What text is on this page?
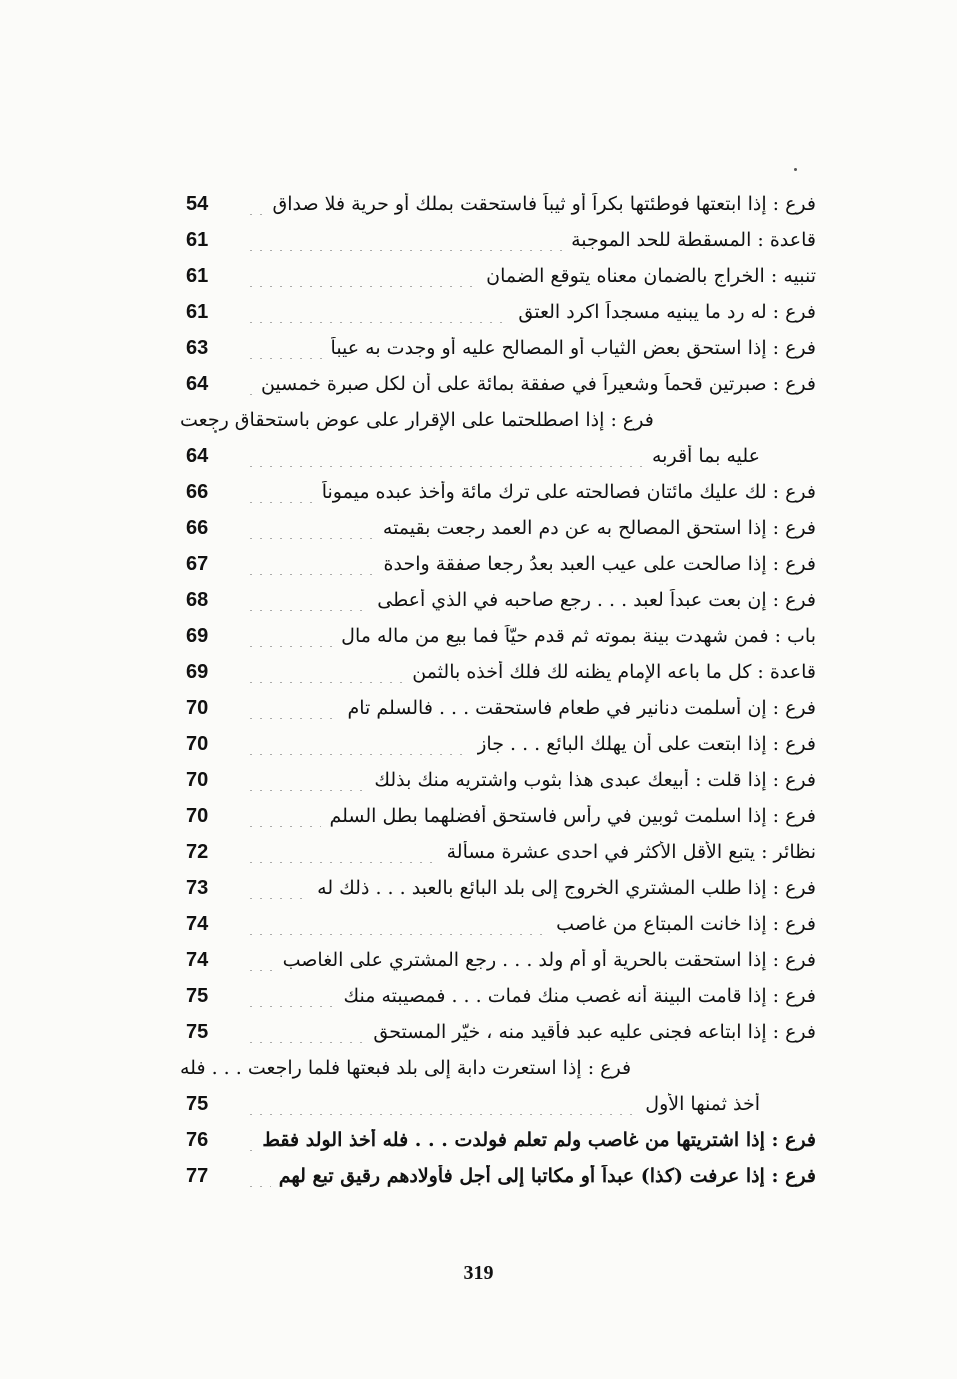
54	فرع : إذا ابتعتها فوطئتها بكراً أو ثيباً فاستحقت بملك أو حرية فلا صداق
61	قاعدة : المسقطة للحد الموجبة
61	تنبيه : الخراج بالضمان معناه يتوقع الضمان
61	فرع : له رد ما يبنيه مسجداً اكرد العتق
63	فرع : إذا استحق بعض الثياب أو المصالح عليه أو وجدت به عيباً
64	فرع : صبرتين قحماً وشعيراً في صفقة بمائة على أن لكل صبرة خمسين
فرع : إذا اصطلحتما على الإقرار على عوض باستحقاق رجعت
64	عليه بما أقربه
66	فرع : لك عليك مائتان فصالحته على ترك مائة وأخذ عبده ميموناً
66	فرع : إذا استحق المصالح به عن دم العمد رجعت بقيمته
67	فرع : إذا صالحت على عيب العبد بعدُ رجعا صفقة واحدة
68	فرع : إن بعت عبداً لعبد . . . رجع صاحبه في الذي أعطى
69	باب : فمن شهدت بينة بموته ثم قدم حيّاً فما بيع من ماله مال
69	قاعدة : كل ما باعه الإمام يظنه لك فلك أخذه بالثمن
70	فرع : إن أسلمت دنانير في طعام فاستحقت . . . فالسلم تام
70	فرع : إذا ابتعت على أن يهلك البائع . . . جاز
70	فرع : إذا قلت : أبيعك عبدى هذا بثوب واشتريه منك بذلك
70	فرع : إذا اسلمت ثوبين في رأس فاستحق أفضلهما بطل السلم
72	نظائر : يتبع الأقل الأكثر في احدى عشرة مسألة
73	فرع : إذا طلب المشتري الخروج إلى بلد البائع بالعبد . . . ذلك له
74	فرع : إذا خانت المبتاع من غاصب
74	فرع : إذا استحقت بالحرية أو أم ولد . . . رجع المشتري على الغاصب
75	فرع : إذا قامت البينة أنه غصب منك فمات . . . فمصيبته منك
75	فرع : إذا ابتاعه فجنى عليه عبد فأقيد منه ، خيّر المستحق
فرع : إذا استعرت دابة إلى بلد فبعتها فلما راجعت . . . فله
75	أخذ ثمنها الأول
76	فرع : إذا اشتريتها من غاصب ولم تعلم فولدت . . . فله أخذ الولد فقط
77	فرع : إذا عرفت (كذا) عبداً أو مكاتبا إلى أجل فأولادهم رقيق تبع لهم
319
